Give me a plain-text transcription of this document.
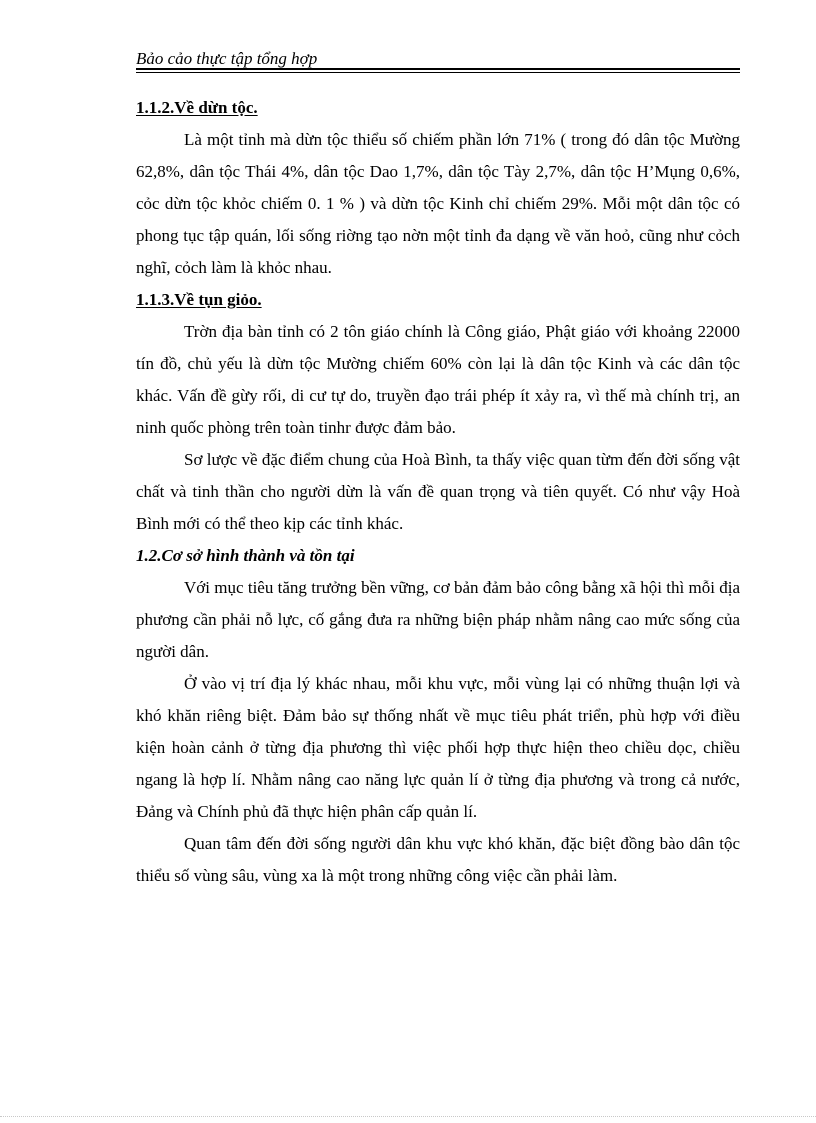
Bảo cảo thực tập tổng hợp
1.1.2.Về dừn tộc.

Là một tỉnh mà dừn tộc thiểu số chiếm phần lớn 71% ( trong đó dân tộc Mường 62,8%, dân tộc Thái 4%, dân tộc Dao 1,7%, dân tộc Tày 2,7%, dân tộc H’Mụng 0,6%, cỏc dừn tộc khỏc chiếm 0. 1 % ) và dừn tộc Kinh chỉ chiếm 29%. Mỗi một dân tộc có phong tục tập quán, lối sống riờng tạo nờn một tỉnh đa dạng về văn hoỏ, cũng như cỏch nghĩ, cỏch làm là khỏc nhau.

1.1.3.Về tụn giỏo.

Trờn địa bàn tỉnh có 2 tôn giáo chính là Công giáo, Phật giáo với khoảng 22000 tín đồ, chủ yếu là dừn tộc Mường chiếm 60% còn lại là dân tộc Kinh và các dân tộc khác. Vấn đề gừy rối, di cư tự do, truyền đạo trái phép ít xảy ra, vì thế mà chính trị, an ninh quốc phòng trên toàn tinhr được đảm bảo.

Sơ lược về đặc điểm chung của Hoà Bình, ta thấy việc quan từm đến đời sống vật chất và tinh thần cho người dừn là vấn đề quan trọng và tiên quyết. Có như vậy Hoà Bình mới có thể theo kịp các tỉnh khác.

1.2.Cơ sở hình thành và tồn tại

Với mục tiêu tăng trưởng bền vững, cơ bản đảm bảo công bằng xã hội thì mỗi địa phương cần phải nỗ lực, cố gắng đưa ra những biện pháp nhằm nâng cao mức sống của người dân.

Ở vào vị trí địa lý khác nhau, mỗi khu vực, mỗi vùng lại có những thuận lợi và khó khăn riêng biệt. Đảm bảo sự thống nhất về mục tiêu phát triển, phù hợp với điều kiện hoàn cảnh ở từng địa phương thì việc phối hợp thực hiện theo chiều dọc, chiều ngang là hợp lí. Nhằm nâng cao năng lực quản lí ở từng địa phương và trong cả nước, Đảng và Chính phủ đã thực hiện phân cấp quản lí.

Quan tâm đến đời sống người dân khu vực khó khăn, đặc biệt đồng bào dân tộc thiểu số vùng sâu, vùng xa là một trong những công việc cần phải làm.
